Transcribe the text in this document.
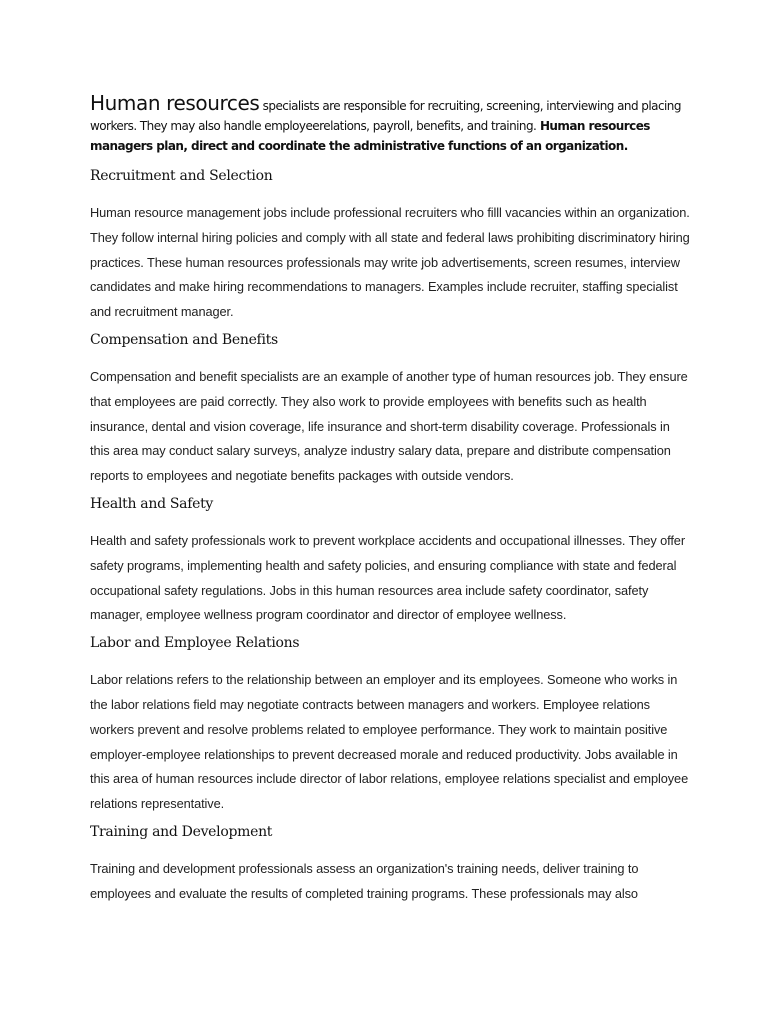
Human resources specialists are responsible for recruiting, screening, interviewing and placing workers. They may also handle employeerelations, payroll, benefits, and training. Human resources managers plan, direct and coordinate the administrative functions of an organization.

Recruitment and Selection

Human resource management jobs include professional recruiters who filll vacancies within an organization. They follow internal hiring policies and comply with all state and federal laws prohibiting discriminatory hiring practices. These human resources professionals may write job advertisements, screen resumes, interview candidates and make hiring recommendations to managers. Examples include recruiter, staffing specialist and recruitment manager.

Compensation and Benefits

Compensation and benefit specialists are an example of another type of human resources job. They ensure that employees are paid correctly. They also work to provide employees with benefits such as health insurance, dental and vision coverage, life insurance and short-term disability coverage. Professionals in this area may conduct salary surveys, analyze industry salary data, prepare and distribute compensation reports to employees and negotiate benefits packages with outside vendors.

Health and Safety

Health and safety professionals work to prevent workplace accidents and occupational illnesses. They offer safety programs, implementing health and safety policies, and ensuring compliance with state and federal occupational safety regulations. Jobs in this human resources area include safety coordinator, safety manager, employee wellness program coordinator and director of employee wellness.

Labor and Employee Relations

Labor relations refers to the relationship between an employer and its employees. Someone who works in the labor relations field may negotiate contracts between managers and workers. Employee relations workers prevent and resolve problems related to employee performance. They work to maintain positive employer-employee relationships to prevent decreased morale and reduced productivity. Jobs available in this area of human resources include director of labor relations, employee relations specialist and employee relations representative.

Training and Development

Training and development professionals assess an organization's training needs, deliver training to employees and evaluate the results of completed training programs. These professionals may also
